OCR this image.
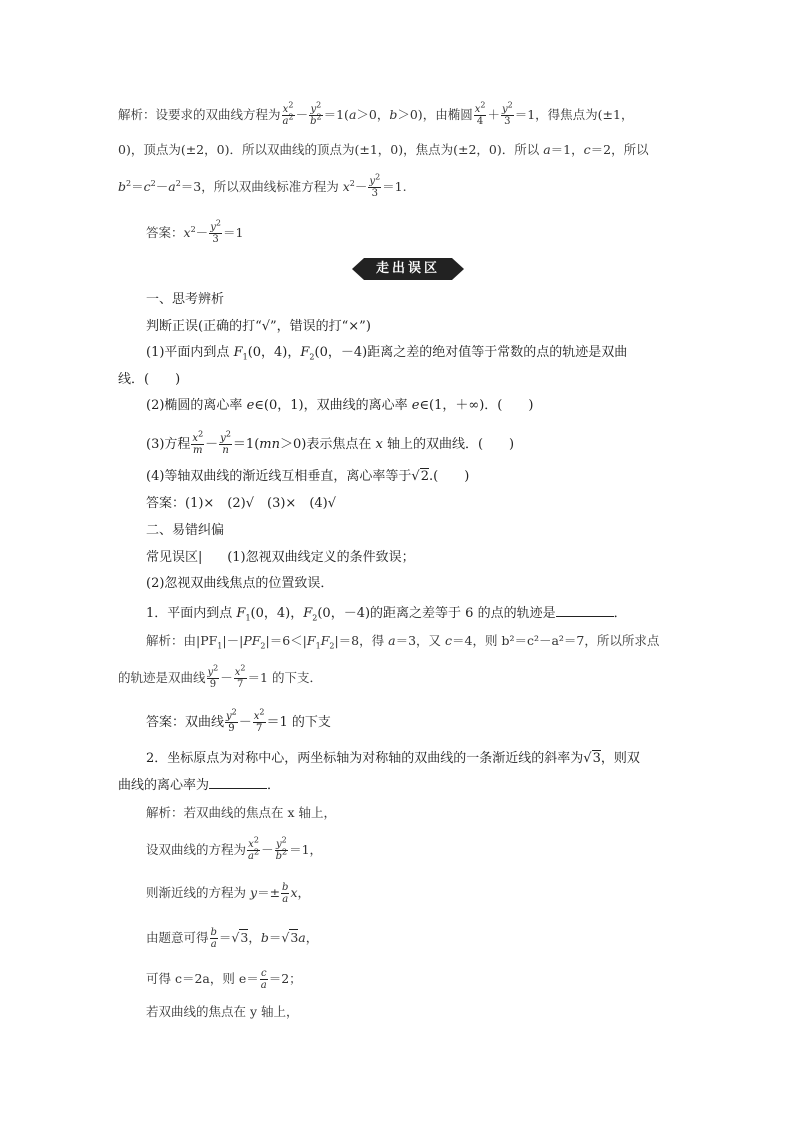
解析：设要求的双曲线方程为 $\frac{x^2}{a^2} - \frac{y^2}{b^2} =1(a>0$，b＞0)，由椭圆 $\frac{x^2}{4} + \frac{y^2}{3} =1$，得焦点为(±1，
0)，顶点为(±2，0)．所以双曲线的顶点为(±1，0)，焦点为(±2，0)．所以 a＝1，c＝2，所以
$b^2=c^2-a^2=3$，所以双曲线标准方程为 $x^2- \frac{y^2}{3} =1$.
答案：$x^2- \frac{y^2}{3} =1$
走出误区
一、思考辨析
判断正误(正确的打“√”，错误的打“×”)
(1)平面内到点 $F_1(0$，4)，$F_2(0$，－4)距离之差的绝对值等于常数的点的轨迹是双曲
线．(　　)
(2)椭圆的离心率 e∈(0，1)，双曲线的离心率 e∈(1，＋∞)．(　　)
(3)方程 $\frac{x^2}{m} - \frac{y^2}{n} =1(mn>0)$表示焦点在 x 轴上的双曲线．(　　)
(4)等轴双曲线的渐近线互相垂直，离心率等于√2.(　　)
答案：(1)×　(2)√　(3)×　(4)√
二、易错纠偏
常见误区| (1)忽视双曲线定义的条件致误；
(2)忽视双曲线焦点的位置致误．
1．平面内到点 $F_1(0$，4)，$F_2(0$，－4)的距离之差等于 6 的点的轨迹是	．
解析：由$|PF_1|-|PF_2|=6<|F_1F_2|=8$，得 a＝3，又 c＝4，则 b²＝c²－a²＝7，所以所求点
的轨迹是双曲线 $\frac{y^2}{9} - \frac{x^2}{7} =1$ 的下支．
答案：双曲线 $\frac{y^2}{9} - \frac{x^2}{7} =1$ 的下支
2．坐标原点为对称中心，两坐标轴为对称轴的双曲线的一条渐近线的斜率为√3，则双
曲线的离心率为	．
解析：若双曲线的焦点在 x 轴上，
设双曲线的方程为 $\frac{x^2}{a^2} - \frac{y^2}{b^2} =1$，
则渐近线的方程为 $y=\pm \frac{b}{a}$ x，
由题意可得 $\frac{b}{a} =√3$，b＝√3a，
可得 c＝2a，则 $e= \frac{c}{a} =2$；
若双曲线的焦点在 y 轴上，
